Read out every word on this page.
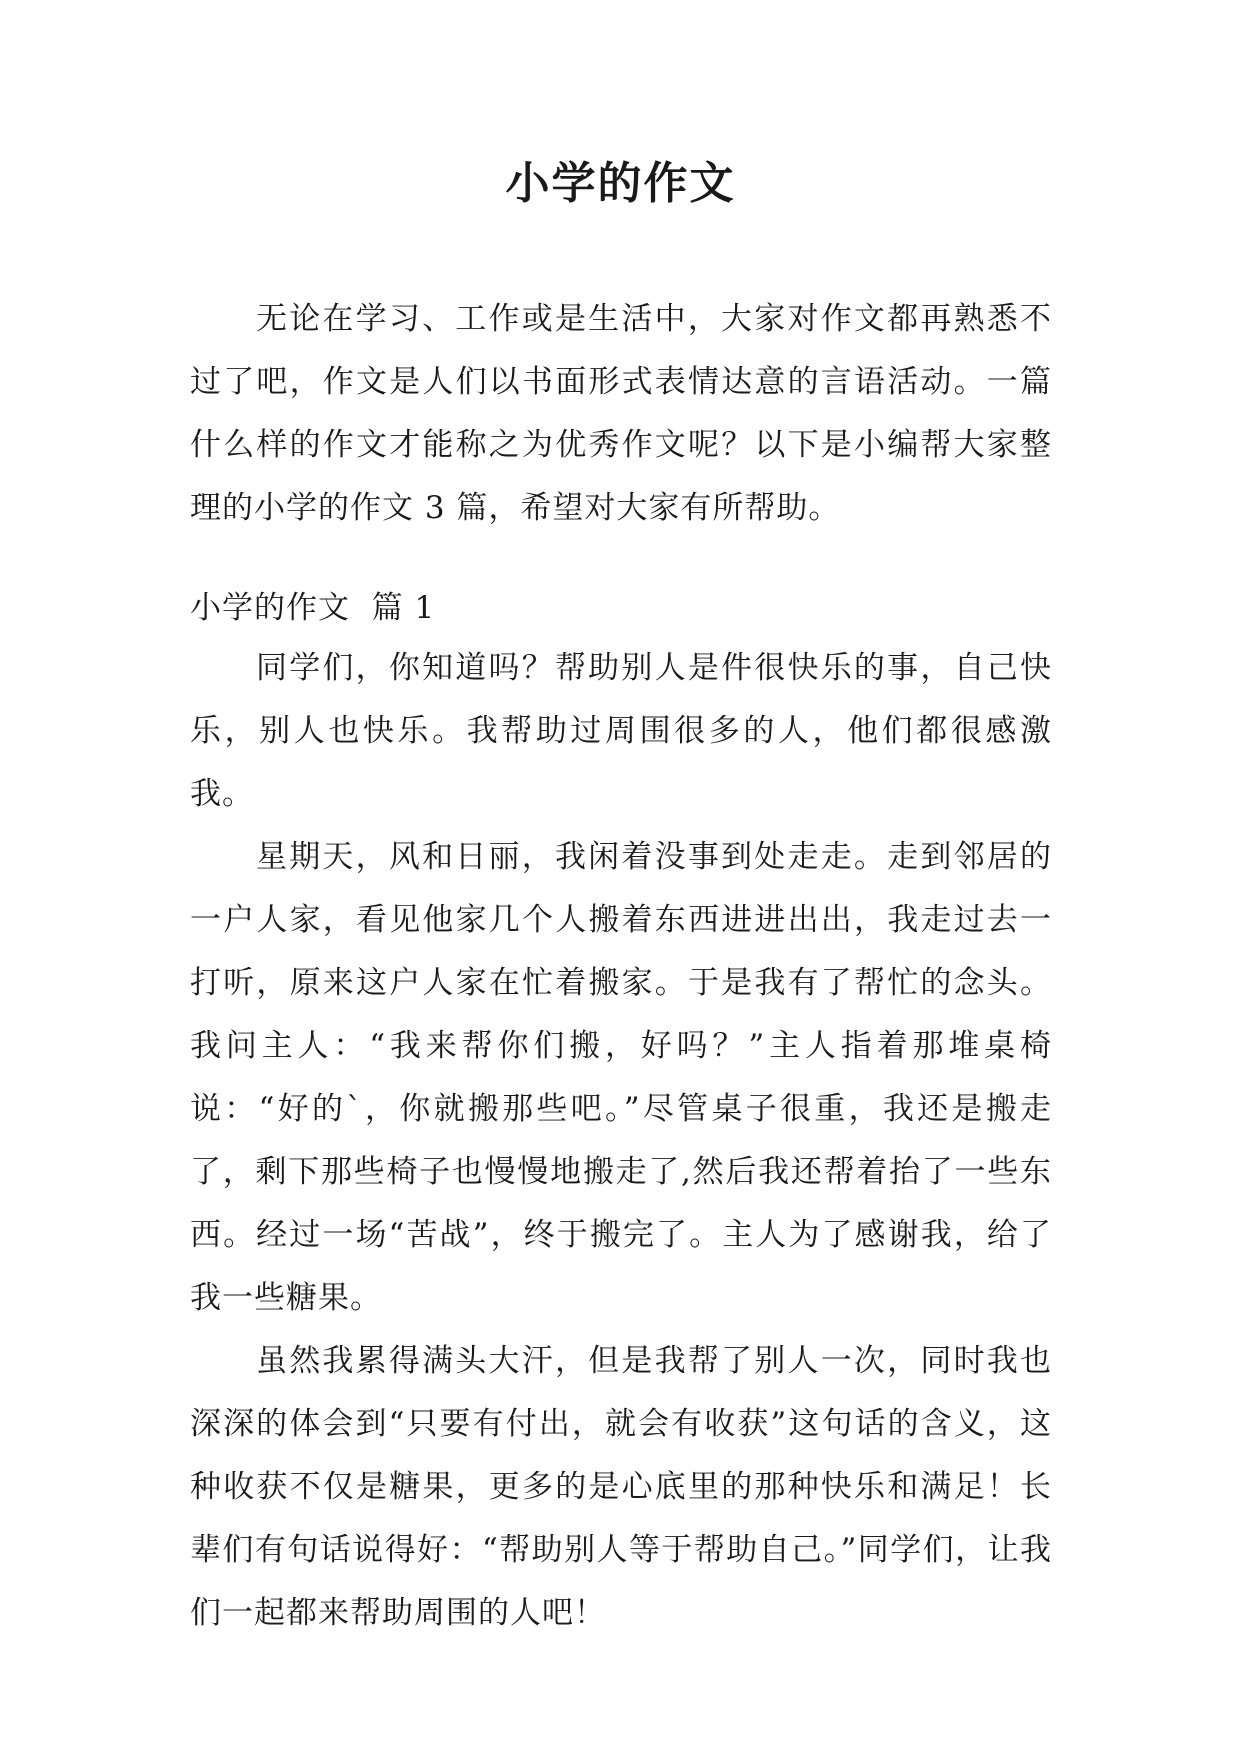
小学的作文

无论在学习、工作或是生活中，大家对作文都再熟悉不过了吧，作文是人们以书面形式表情达意的言语活动。一篇什么样的作文才能称之为优秀作文呢？以下是小编帮大家整理的小学的作文 3 篇，希望对大家有所帮助。

小学的作文  篇 1

同学们，你知道吗？帮助别人是件很快乐的事，自己快乐，别人也快乐。我帮助过周围很多的人，他们都很感激我。

星期天，风和日丽，我闲着没事到处走走。走到邻居的一户人家，看见他家几个人搬着东西进进出出，我走过去一打听，原来这户人家在忙着搬家。于是我有了帮忙的念头。我问主人：“我来帮你们搬，好吗？”主人指着那堆桌椅说：“好的`，你就搬那些吧。”尽管桌子很重，我还是搬走了，剩下那些椅子也慢慢地搬走了,然后我还帮着抬了一些东西。经过一场“苦战”，终于搬完了。主人为了感谢我，给了我一些糖果。

虽然我累得满头大汗，但是我帮了别人一次，同时我也深深的体会到“只要有付出，就会有收获”这句话的含义，这种收获不仅是糖果，更多的是心底里的那种快乐和满足！长辈们有句话说得好：“帮助别人等于帮助自己。”同学们，让我们一起都来帮助周围的人吧！
